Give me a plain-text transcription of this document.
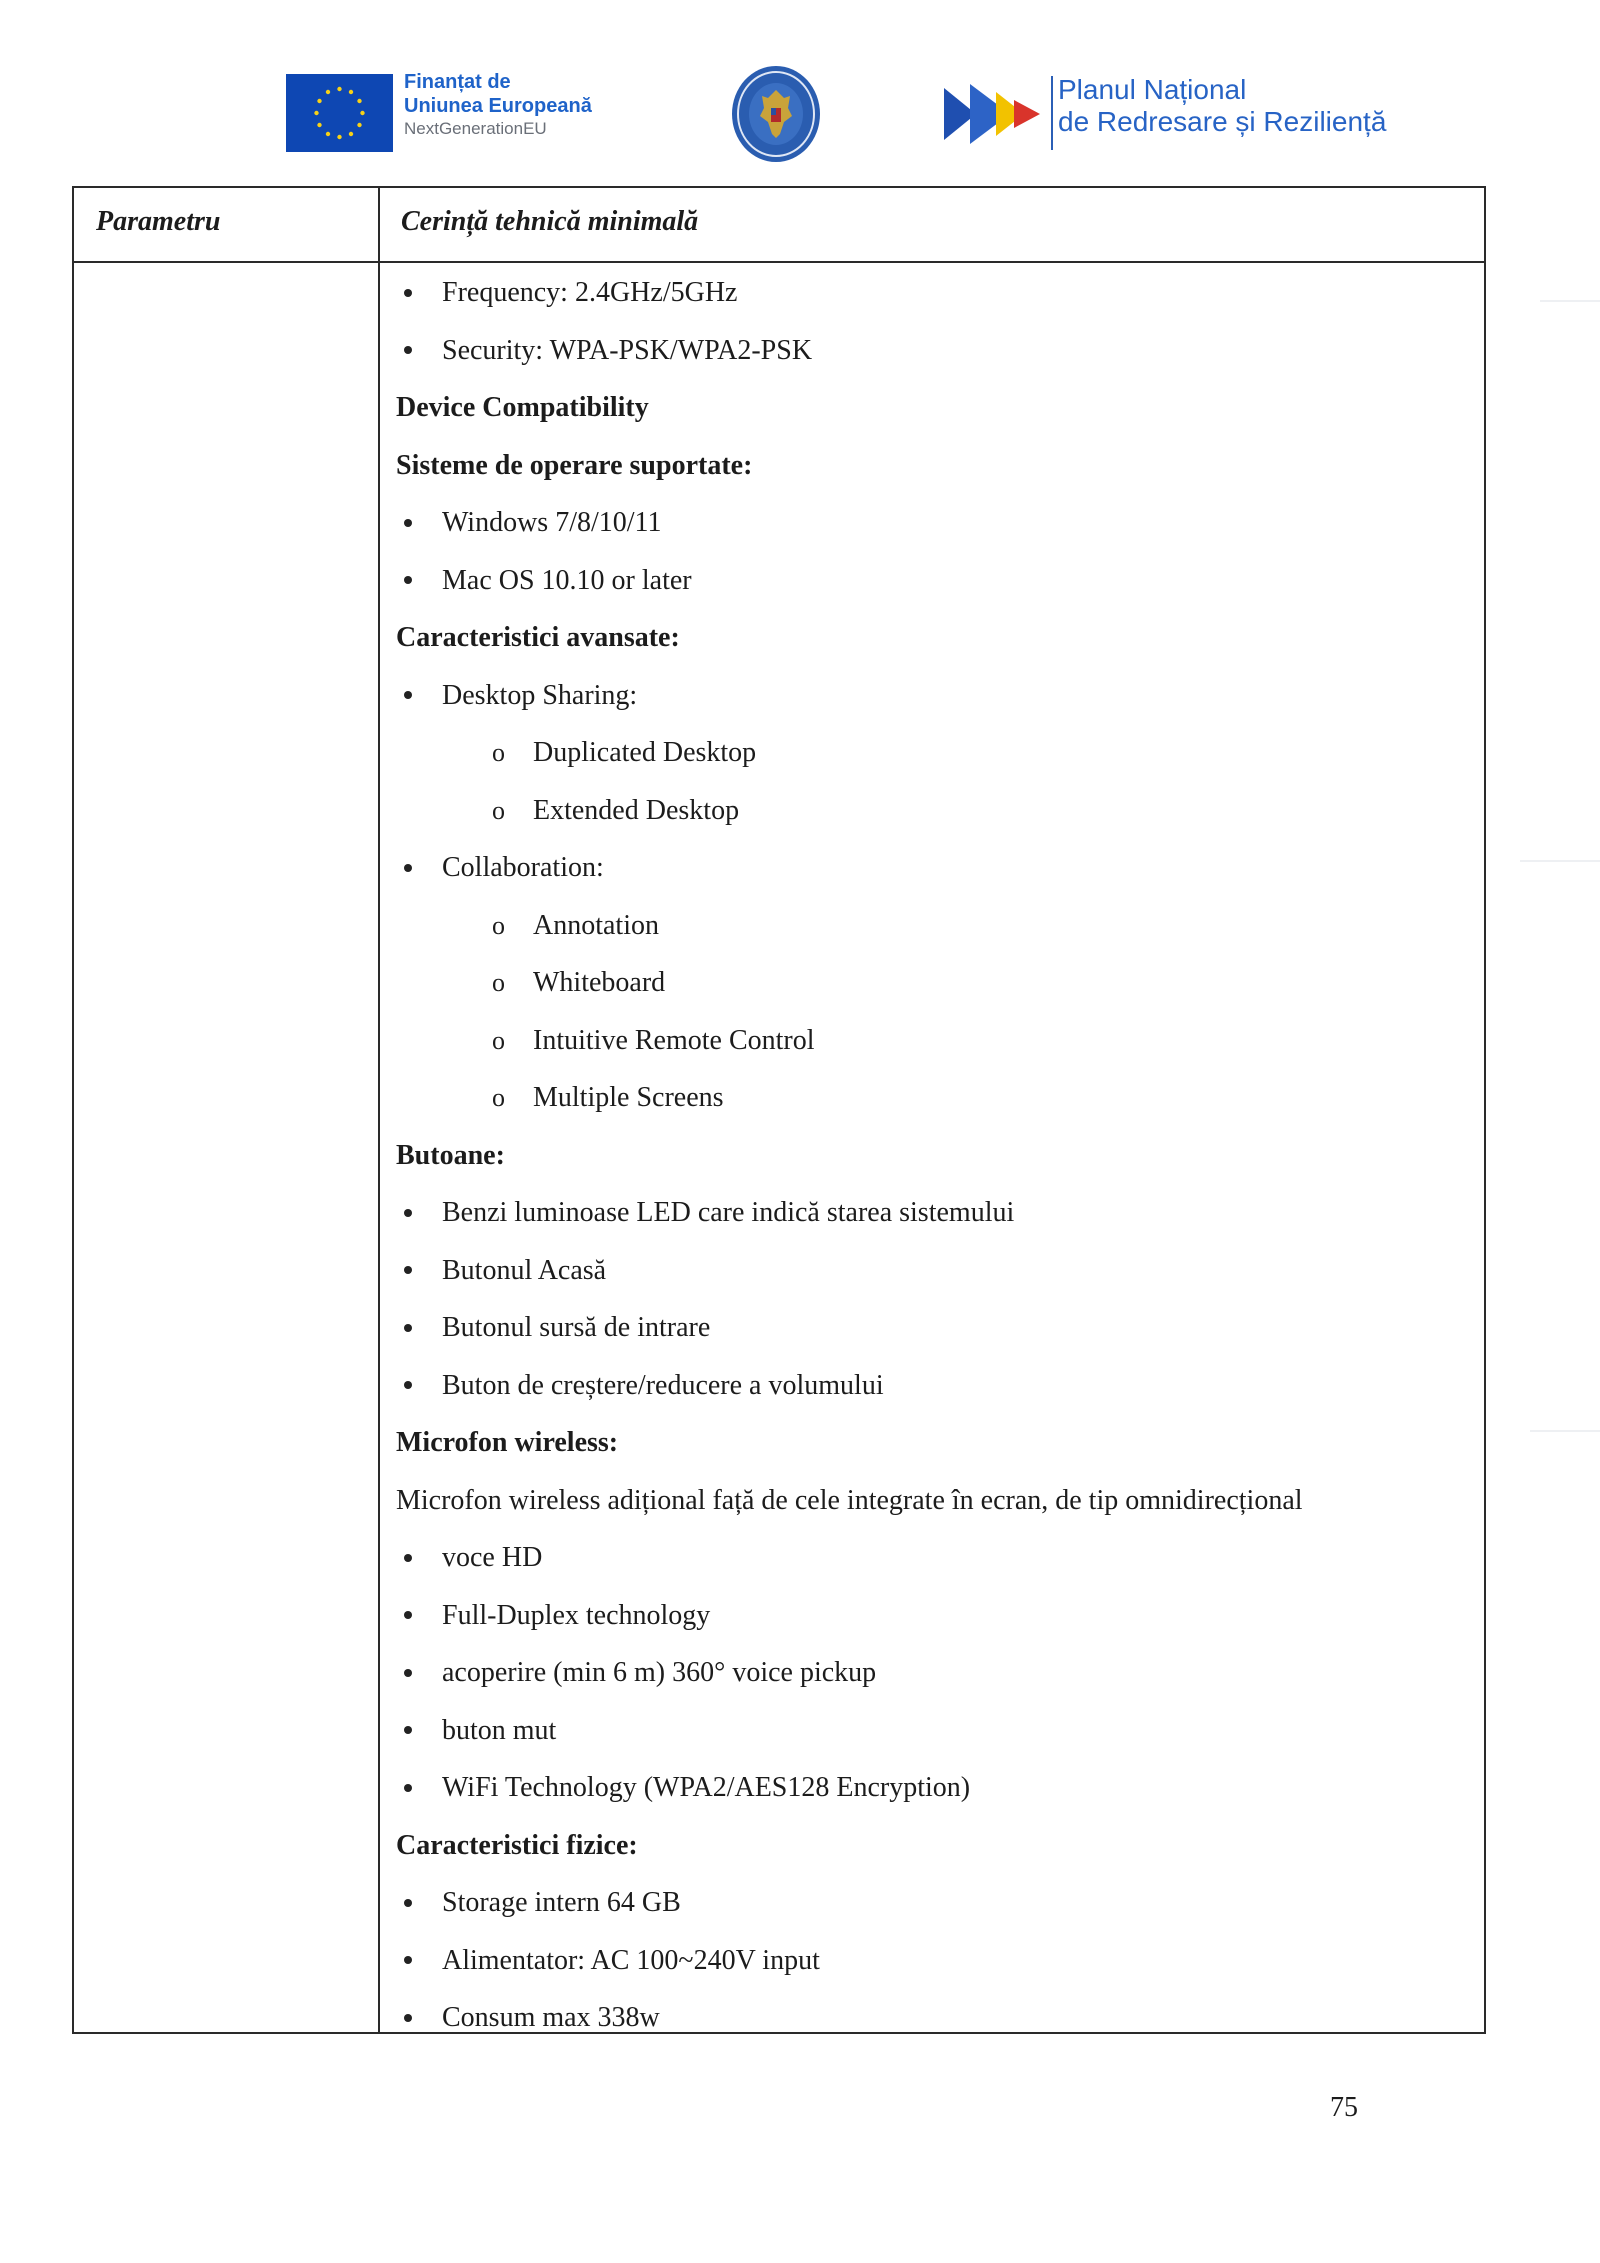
Finanțat de
Uniunea Europeană
NextGenerationEU
Planul Național
de Redresare și Reziliență
Parametru	Cerință tehnică minimală
Frequency: 2.4GHz/5GHz
Security: WPA-PSK/WPA2-PSK
Device Compatibility
Sisteme de operare suportate:
Windows 7/8/10/11
Mac OS 10.10 or later
Caracteristici avansate:
Desktop Sharing:
o Duplicated Desktop
o Extended Desktop
Collaboration:
o Annotation
o Whiteboard
o Intuitive Remote Control
o Multiple Screens
Butoane:
Benzi luminoase LED care indică starea sistemului
Butonul Acasă
Butonul sursă de intrare
Buton de creștere/reducere a volumului
Microfon wireless:
Microfon wireless adițional față de cele integrate în ecran, de tip omnidirecțional
voce HD
Full-Duplex technology
acoperire (min 6 m) 360° voice pickup
buton mut
WiFi Technology (WPA2/AES128 Encryption)
Caracteristici fizice:
Storage intern 64 GB
Alimentator: AC 100~240V input
Consum max 338w
75
